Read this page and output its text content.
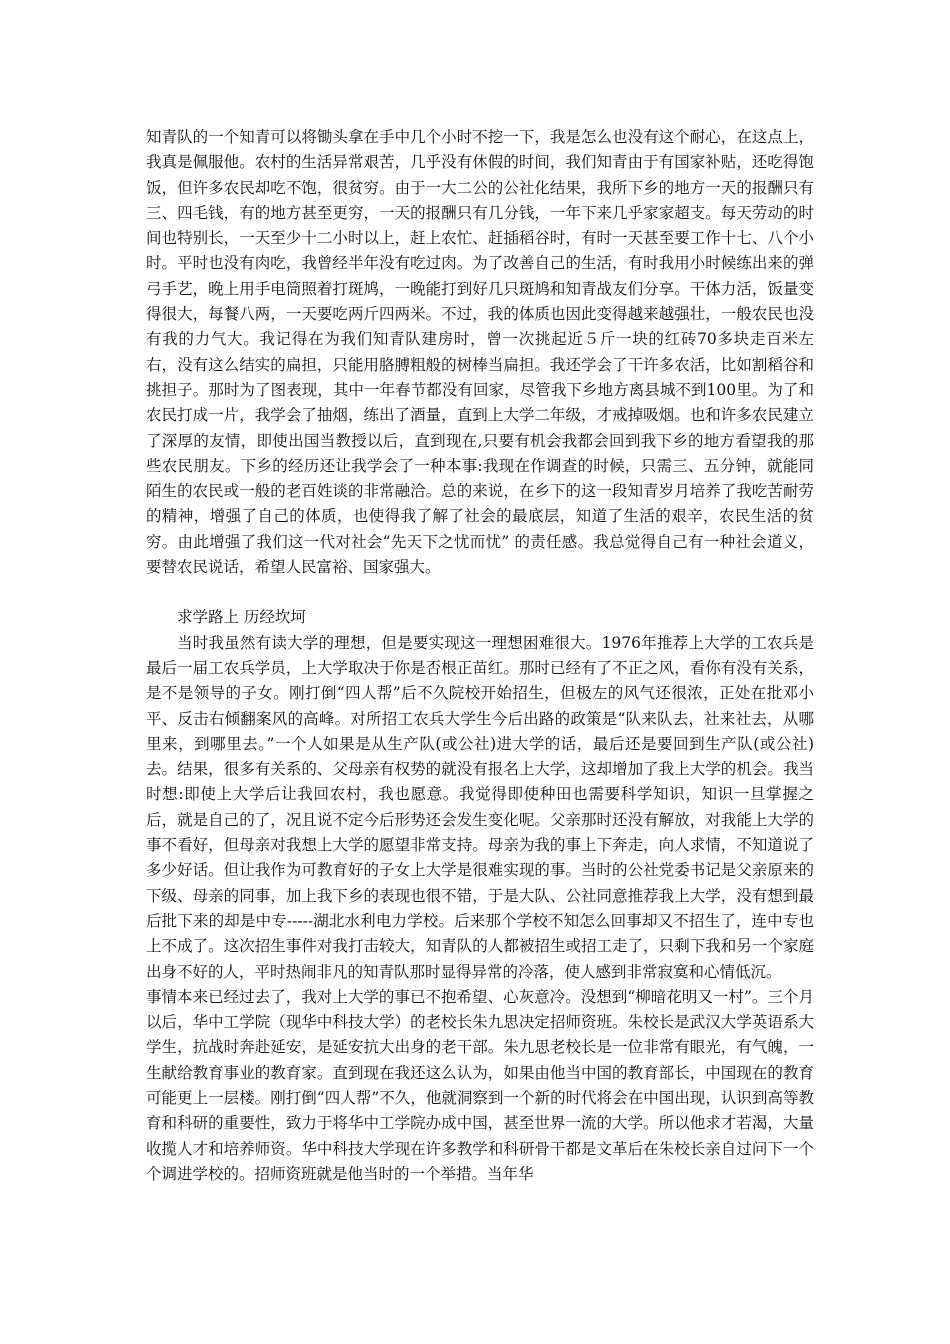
知青队的一个知青可以将锄头拿在手中几个小时不挖一下，我是怎么也没有这个耐心，在这点上，我真是佩服他。农村的生活异常艰苦，几乎没有休假的时间，我们知青由于有国家补贴，还吃得饱饭，但许多农民却吃不饱，很贫穷。由于一大二公的公社化结果，我所下乡的地方一天的报酬只有三、四毛钱，有的地方甚至更穷，一天的报酬只有几分钱，一年下来几乎家家超支。每天劳动的时间也特别长，一天至少十二小时以上，赶上农忙、赶插稻谷时，有时一天甚至要工作十七、八个小时。平时也没有肉吃，我曾经半年没有吃过肉。为了改善自己的生活，有时我用小时候练出来的弹弓手艺，晚上用手电筒照着打斑鸠，一晚能打到好几只斑鸠和知青战友们分享。干体力活，饭量变得很大，每餐八两，一天要吃两斤四两米。不过，我的体质也因此变得越来越强壮，一般农民也没有我的力气大。我记得在为我们知青队建房时，曾一次挑起近５斤一块的红砖70多块走百米左右，没有这么结实的扁担，只能用胳膊粗般的树棒当扁担。我还学会了干许多农活，比如割稻谷和挑担子。那时为了图表现，其中一年春节都没有回家，尽管我下乡地方离县城不到100里。为了和农民打成一片，我学会了抽烟，练出了酒量，直到上大学二年级，才戒掉吸烟。也和许多农民建立了深厚的友情，即使出国当教授以后，直到现在,只要有机会我都会回到我下乡的地方看望我的那些农民朋友。下乡的经历还让我学会了一种本事:我现在作调查的时候，只需三、五分钟，就能同陌生的农民或一般的老百姓谈的非常融洽。总的来说，在乡下的这一段知青岁月培养了我吃苦耐劳的精神，增强了自己的体质，也使得我了解了社会的最底层，知道了生活的艰辛，农民生活的贫穷。由此增强了我们这一代对社会“先天下之忧而忧” 的责任感。我总觉得自己有一种社会道义，要替农民说话，希望人民富裕、国家强大。

求学路上 历经坎坷

当时我虽然有读大学的理想，但是要实现这一理想困难很大。1976年推荐上大学的工农兵是最后一届工农兵学员，上大学取决于你是否根正苗红。那时已经有了不正之风，看你有没有关系，是不是领导的子女。刚打倒“四人帮”后不久院校开始招生，但极左的风气还很浓，正处在批邓小平、反击右倾翻案风的高峰。对所招工农兵大学生今后出路的政策是“队来队去，社来社去，从哪里来，到哪里去。”一个人如果是从生产队(或公社)进大学的话，最后还是要回到生产队(或公社)去。结果，很多有关系的、父母亲有权势的就没有报名上大学，这却增加了我上大学的机会。我当时想:即使上大学后让我回农村，我也愿意。我觉得即使种田也需要科学知识，知识一旦掌握之后，就是自己的了，况且说不定今后形势还会发生变化呢。父亲那时还没有解放，对我能上大学的事不看好，但母亲对我想上大学的愿望非常支持。母亲为我的事上下奔走，向人求情，不知道说了多少好话。但让我作为可教育好的子女上大学是很难实现的事。当时的公社党委书记是父亲原来的下级、母亲的同事，加上我下乡的表现也很不错，于是大队、公社同意推荐我上大学，没有想到最后批下来的却是中专-----湖北水利电力学校。后来那个学校不知怎么回事却又不招生了，连中专也上不成了。这次招生事件对我打击较大，知青队的人都被招生或招工走了，只剩下我和另一个家庭出身不好的人，平时热闹非凡的知青队那时显得异常的冷落，使人感到非常寂寞和心情低沉。

事情本来已经过去了，我对上大学的事已不抱希望、心灰意冷。没想到“柳暗花明又一村”。三个月以后，华中工学院（现华中科技大学）的老校长朱九思决定招师资班。朱校长是武汉大学英语系大学生，抗战时奔赴延安，是延安抗大出身的老干部。朱九思老校长是一位非常有眼光，有气魄，一生献给教育事业的教育家。直到现在我还这么认为，如果由他当中国的教育部长，中国现在的教育可能更上一层楼。刚打倒“四人帮”不久，他就洞察到一个新的时代将会在中国出现，认识到高等教育和科研的重要性，致力于将华中工学院办成中国，甚至世界一流的大学。所以他求才若渴，大量收揽人才和培养师资。华中科技大学现在许多教学和科研骨干都是文革后在朱校长亲自过问下一个个调进学校的。招师资班就是他当时的一个举措。当年华
